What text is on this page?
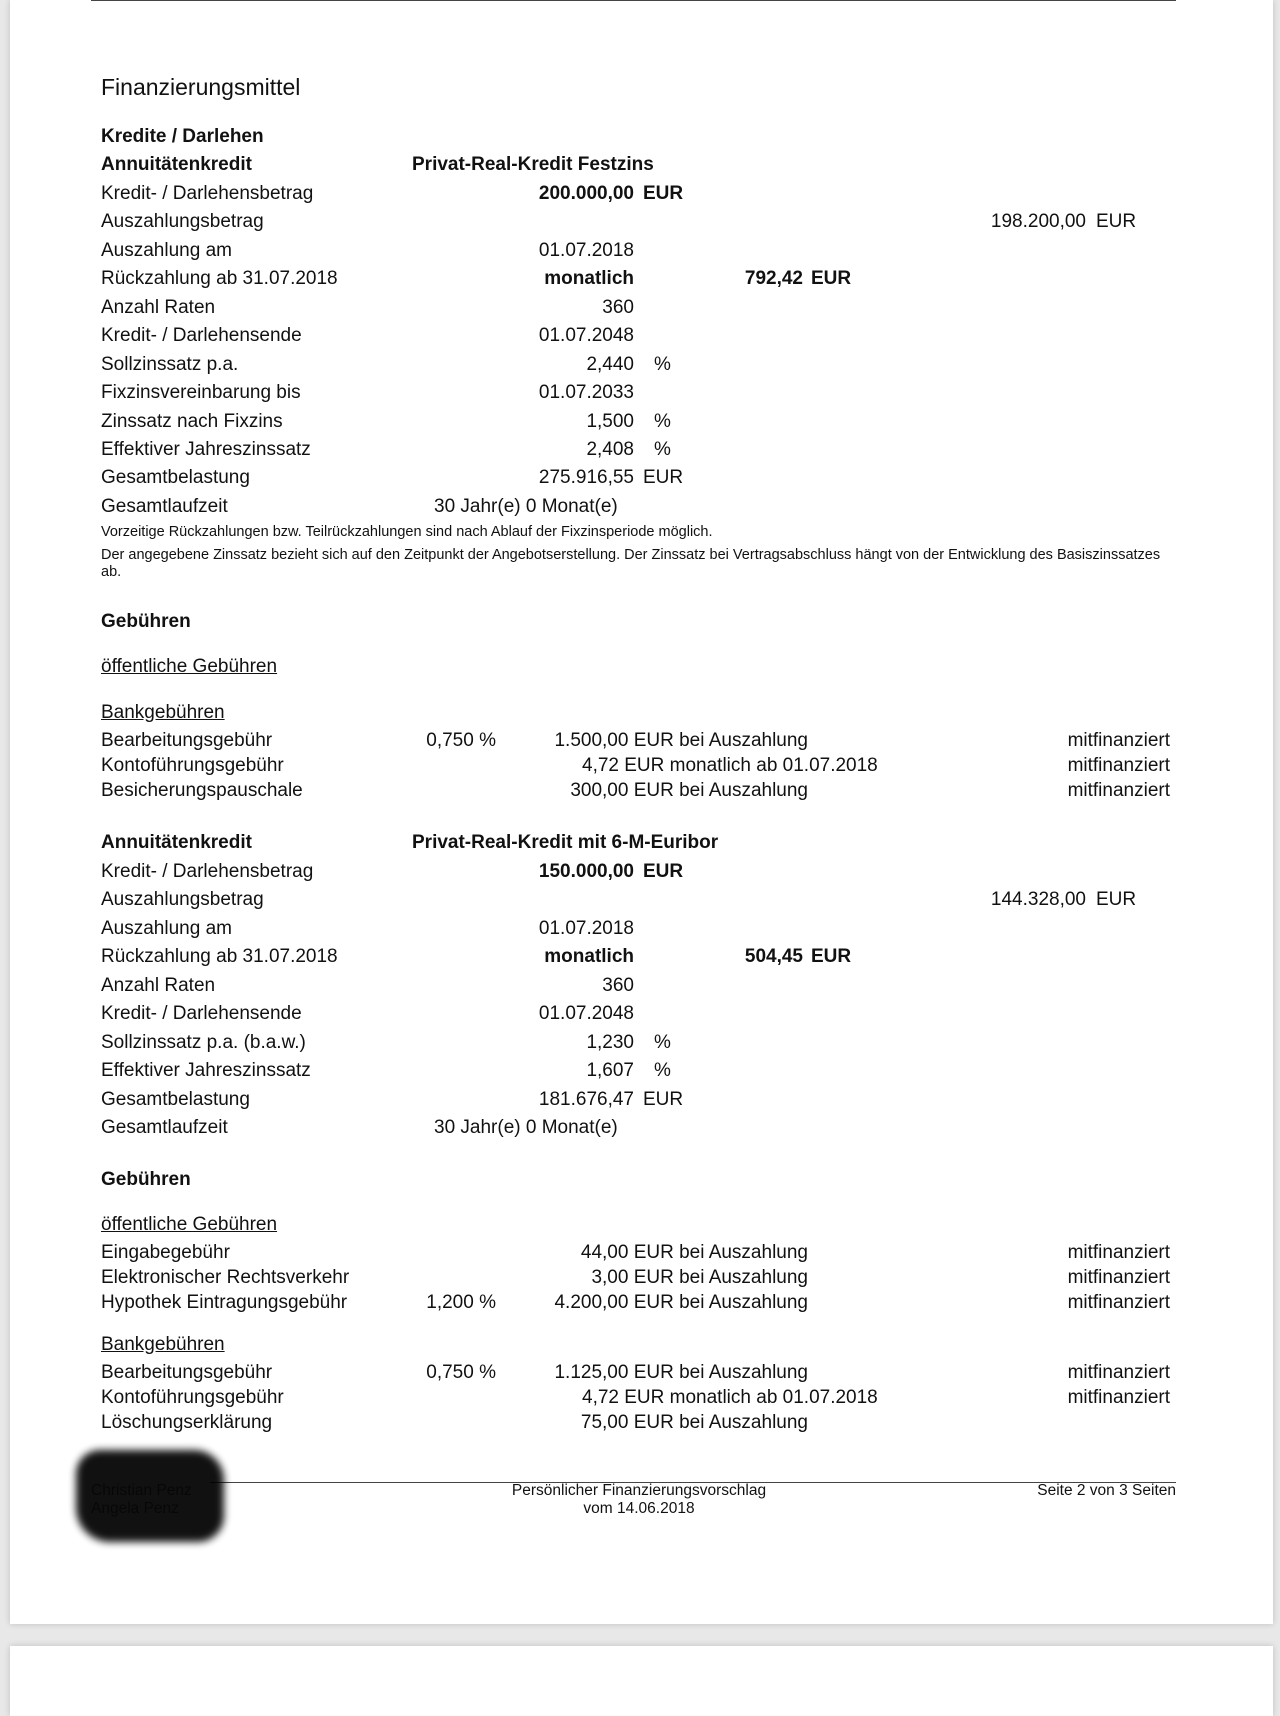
Finanzierungsmittel
Kredite / Darlehen
Annuitätenkredit	Privat-Real-Kredit Festzins
Kredit- / Darlehensbetrag	200.000,00 EUR
Auszahlungsbetrag	198.200,00 EUR
Auszahlung am	01.07.2018
Rückzahlung ab 31.07.2018	monatlich	792,42 EUR
Anzahl Raten	360
Kredit- / Darlehensende	01.07.2048
Sollzinssatz p.a.	2,440 %
Fixzinsvereinbarung bis	01.07.2033
Zinssatz nach Fixzins	1,500 %
Effektiver Jahreszinssatz	2,408 %
Gesamtbelastung	275.916,55 EUR
Gesamtlaufzeit	30 Jahr(e) 0 Monat(e)
Vorzeitige Rückzahlungen bzw. Teilrückzahlungen sind nach Ablauf der Fixzinsperiode möglich.
Der angegebene Zinssatz bezieht sich auf den Zeitpunkt der Angebotserstellung. Der Zinssatz bei Vertragsabschluss hängt von der Entwicklung des Basiszinssatzes ab.
Gebühren
öffentliche Gebühren
Bankgebühren
Bearbeitungsgebühr	0,750 %	1.500,00 EUR bei Auszahlung	mitfinanziert
Kontoführungsgebühr	4,72 EUR monatlich ab 01.07.2018	mitfinanziert
Besicherungspauschale	300,00 EUR bei Auszahlung	mitfinanziert
Annuitätenkredit	Privat-Real-Kredit mit 6-M-Euribor
Kredit- / Darlehensbetrag	150.000,00 EUR
Auszahlungsbetrag	144.328,00 EUR
Auszahlung am	01.07.2018
Rückzahlung ab 31.07.2018	monatlich	504,45 EUR
Anzahl Raten	360
Kredit- / Darlehensende	01.07.2048
Sollzinssatz p.a. (b.a.w.)	1,230 %
Effektiver Jahreszinssatz	1,607 %
Gesamtbelastung	181.676,47 EUR
Gesamtlaufzeit	30 Jahr(e) 0 Monat(e)
Gebühren
öffentliche Gebühren
Eingabegebühr	44,00 EUR bei Auszahlung	mitfinanziert
Elektronischer Rechtsverkehr	3,00 EUR bei Auszahlung	mitfinanziert
Hypothek Eintragungsgebühr	1,200 %	4.200,00 EUR bei Auszahlung	mitfinanziert
Bankgebühren
Bearbeitungsgebühr	0,750 %	1.125,00 EUR bei Auszahlung	mitfinanziert
Kontoführungsgebühr	4,72 EUR monatlich ab 01.07.2018	mitfinanziert
Löschungserklärung	75,00 EUR bei Auszahlung
Persönlicher Finanzierungsvorschlag
vom 14.06.2018
Seite 2 von 3 Seiten
